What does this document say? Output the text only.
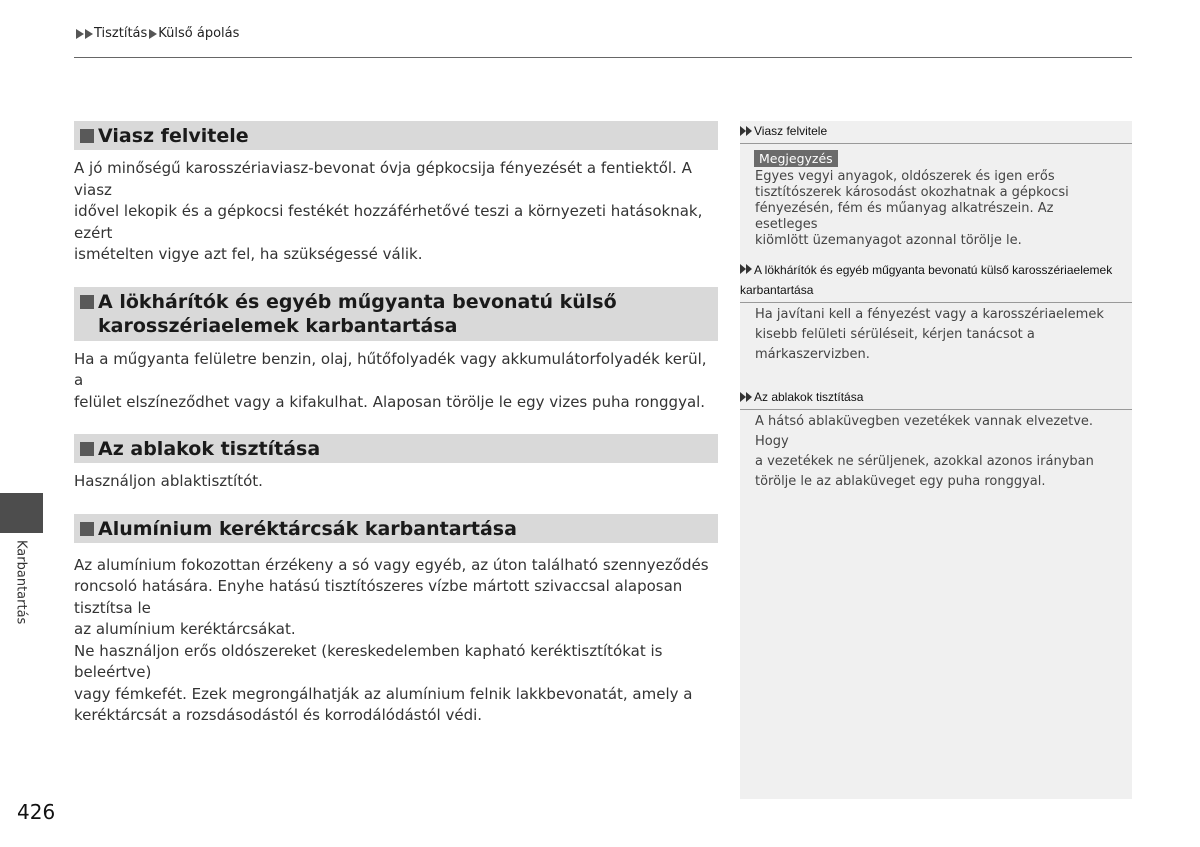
Tisztítás Külső ápolás
Viasz felvitele

A jó minőségű karosszériaviasz-bevonat óvja gépkocsija fényezését a fentiektől. A viasz
idővel lekopik és a gépkocsi festékét hozzáférhetővé teszi a környezeti hatásoknak, ezért
ismételten vigye azt fel, ha szükségessé válik.

A lökhárítók és egyéb műgyanta bevonatú külső
karosszériaelemek karbantartása

Ha a műgyanta felületre benzin, olaj, hűtőfolyadék vagy akkumulátorfolyadék kerül, a
felület elszíneződhet vagy a kifakulhat. Alaposan törölje le egy vizes puha ronggyal.

Az ablakok tisztítása

Használjon ablaktisztítót.

Alumínium keréktárcsák karbantartása

Az alumínium fokozottan érzékeny a só vagy egyéb, az úton található szennyeződés
roncsoló hatására. Enyhe hatású tisztítószeres vízbe mártott szivaccsal alaposan tisztítsa le
az alumínium keréktárcsákat.
Ne használjon erős oldószereket (kereskedelemben kapható keréktisztítókat is beleértve)
vagy fémkefét. Ezek megrongálhatják az alumínium felnik lakkbevonatát, amely a
keréktárcsát a rozsdásodástól és korrodálódástól védi.

Viasz felvitele
Megjegyzés
Egyes vegyi anyagok, oldószerek és igen erős
tisztítószerek károsodást okozhatnak a gépkocsi
fényezésén, fém és műanyag alkatrészein. Az esetleges
kiömlött üzemanyagot azonnal törölje le.
A lökhárítók és egyéb műgyanta bevonatú külső karosszériaelemek
karbantartása
Ha javítani kell a fényezést vagy a karosszériaelemek
kisebb felületi sérüléseit, kérjen tanácsot a
márkaszervizben.
Az ablakok tisztítása
A hátsó ablaküvegben vezetékek vannak elvezetve. Hogy
a vezetékek ne sérüljenek, azokkal azonos irányban
törölje le az ablaküveget egy puha ronggyal.
Karbantartás
426
